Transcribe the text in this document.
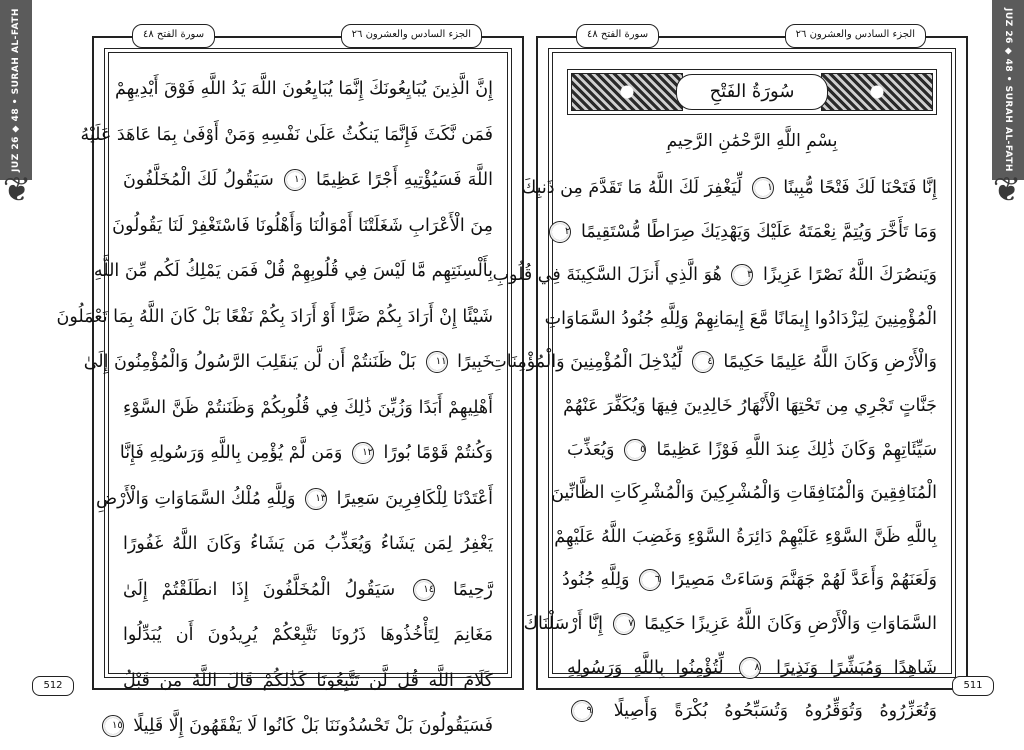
JUZ 26 ◆ 48 • SURAH AL-FATH
❦
JUZ 26 ◆ 48 • SURAH AL-FATH
❦
إِنَّ الَّذِينَ يُبَايِعُونَكَ إِنَّمَا يُبَايِعُونَ اللَّهَ يَدُ اللَّهِ فَوْقَ أَيْدِيهِمْ
فَمَن نَّكَثَ فَإِنَّمَا يَنكُثُ عَلَىٰ نَفْسِهِ وَمَنْ أَوْفَىٰ بِمَا عَاهَدَ عَلَيْهُ
اللَّهَ فَسَيُؤْتِيهِ أَجْرًا عَظِيمًا ١٠ سَيَقُولُ لَكَ الْمُخَلَّفُونَ
مِنَ الْأَعْرَابِ شَغَلَتْنَا أَمْوَالُنَا وَأَهْلُونَا فَاسْتَغْفِرْ لَنَا يَقُولُونَ
بِأَلْسِنَتِهِم مَّا لَيْسَ فِي قُلُوبِهِمْ قُلْ فَمَن يَمْلِكُ لَكُم مِّنَ اللَّهِ
شَيْئًا إِنْ أَرَادَ بِكُمْ ضَرًّا أَوْ أَرَادَ بِكُمْ نَفْعًا بَلْ كَانَ اللَّهُ بِمَا تَعْمَلُونَ
خَبِيرًا ١١ بَلْ ظَنَنتُمْ أَن لَّن يَنقَلِبَ الرَّسُولُ وَالْمُؤْمِنُونَ إِلَىٰ
أَهْلِيهِمْ أَبَدًا وَزُيِّنَ ذَٰلِكَ فِي قُلُوبِكُمْ وَظَنَنتُمْ ظَنَّ السَّوْءِ
وَكُنتُمْ قَوْمًا بُورًا ١٢ وَمَن لَّمْ يُؤْمِن بِاللَّهِ وَرَسُولِهِ فَإِنَّا
أَعْتَدْنَا لِلْكَافِرِينَ سَعِيرًا ١٣ وَلِلَّهِ مُلْكُ السَّمَاوَاتِ وَالْأَرْضِ
يَغْفِرُ لِمَن يَشَاءُ وَيُعَذِّبُ مَن يَشَاءُ وَكَانَ اللَّهُ غَفُورًا
رَّحِيمًا ١٤ سَيَقُولُ الْمُخَلَّفُونَ إِذَا انطَلَقْتُمْ إِلَىٰ
مَغَانِمَ لِتَأْخُذُوهَا ذَرُونَا نَتَّبِعْكُمْ يُرِيدُونَ أَن يُبَدِّلُوا
كَلَامَ اللَّهِ قُل لَّن تَتَّبِعُونَا كَذَٰلِكُمْ قَالَ اللَّهُ مِن قَبْلُ
فَسَيَقُولُونَ بَلْ تَحْسُدُونَنَا بَلْ كَانُوا لَا يَفْقَهُونَ إِلَّا قَلِيلًا ١٥
سورة الفتح ٤٨	الجزء السادس والعشرون ٢٦
سُورَةُ الفَتْحِ
بِسْمِ اللَّهِ الرَّحْمَٰنِ الرَّحِيمِ
إِنَّا فَتَحْنَا لَكَ فَتْحًا مُّبِينًا ١ لِّيَغْفِرَ لَكَ اللَّهُ مَا تَقَدَّمَ مِن ذَنبِكَ
وَمَا تَأَخَّرَ وَيُتِمَّ نِعْمَتَهُ عَلَيْكَ وَيَهْدِيَكَ صِرَاطًا مُّسْتَقِيمًا ٢
وَيَنصُرَكَ اللَّهُ نَصْرًا عَزِيزًا ٣ هُوَ الَّذِي أَنزَلَ السَّكِينَةَ فِي قُلُوبِ
الْمُؤْمِنِينَ لِيَزْدَادُوا إِيمَانًا مَّعَ إِيمَانِهِمْ وَلِلَّهِ جُنُودُ السَّمَاوَاتِ
وَالْأَرْضِ وَكَانَ اللَّهُ عَلِيمًا حَكِيمًا ٤ لِّيُدْخِلَ الْمُؤْمِنِينَ وَالْمُؤْمِنَاتِ
جَنَّاتٍ تَجْرِي مِن تَحْتِهَا الْأَنْهَارُ خَالِدِينَ فِيهَا وَيُكَفِّرَ عَنْهُمْ
سَيِّئَاتِهِمْ وَكَانَ ذَٰلِكَ عِندَ اللَّهِ فَوْزًا عَظِيمًا ٥ وَيُعَذِّبَ
الْمُنَافِقِينَ وَالْمُنَافِقَاتِ وَالْمُشْرِكِينَ وَالْمُشْرِكَاتِ الظَّانِّينَ
بِاللَّهِ ظَنَّ السَّوْءِ عَلَيْهِمْ دَائِرَةُ السَّوْءِ وَغَضِبَ اللَّهُ عَلَيْهِمْ
وَلَعَنَهُمْ وَأَعَدَّ لَهُمْ جَهَنَّمَ وَسَاءَتْ مَصِيرًا ٦ وَلِلَّهِ جُنُودُ
السَّمَاوَاتِ وَالْأَرْضِ وَكَانَ اللَّهُ عَزِيزًا حَكِيمًا ٧ إِنَّا أَرْسَلْنَاكَ
شَاهِدًا وَمُبَشِّرًا وَنَذِيرًا ٨ لِّتُؤْمِنُوا بِاللَّهِ وَرَسُولِهِ
وَتُعَزِّرُوهُ وَتُوَقِّرُوهُ وَتُسَبِّحُوهُ بُكْرَةً وَأَصِيلًا ٩
سورة الفتح ٤٨	الجزء السادس والعشرون ٢٦
512	511
